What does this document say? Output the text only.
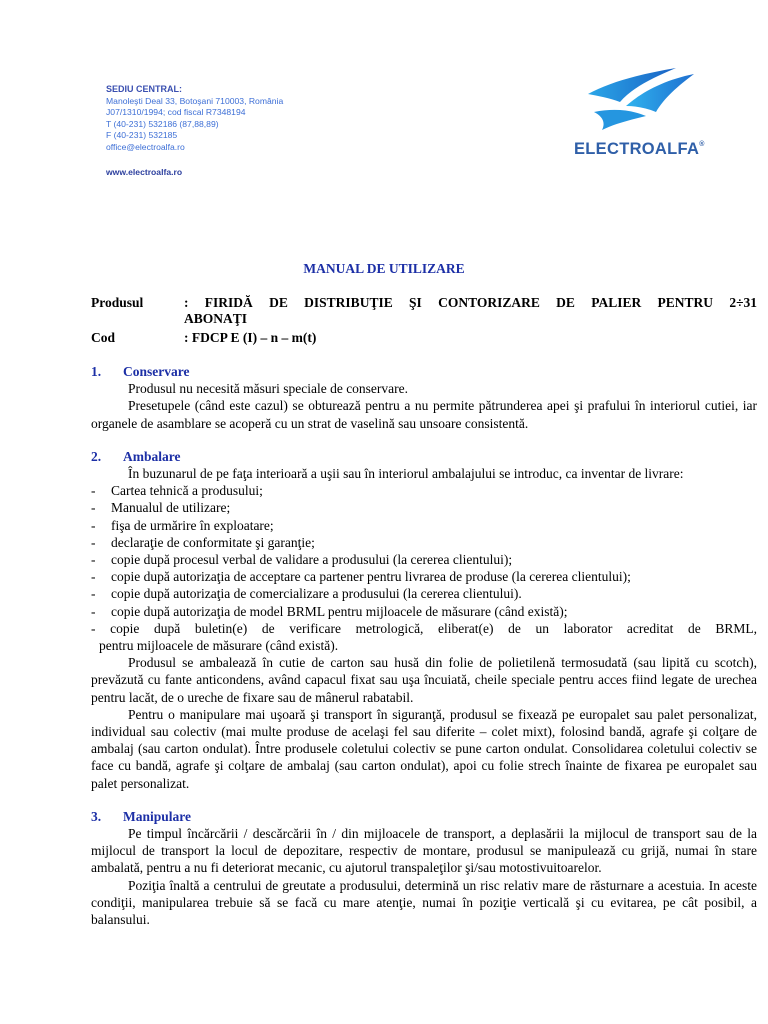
SEDIU CENTRAL:
Manoleşti Deal 33, Botoşani 710003, România
J07/1310/1994; cod fiscal R7348194
T (40-231) 532186 (87,88,89)
F (40-231) 532185
office@electroalfa.ro
www.electroalfa.ro
ELECTROALFA®
MANUAL DE UTILIZARE
Produsul	: FIRIDĂ DE DISTRIBUŢIE ŞI CONTORIZARE DE PALIER PENTRU 2÷31
ABONAŢI
Cod	: FDCP E (I) – n – m(t)
1. Conservare

Produsul nu necesită măsuri speciale de conservare.

Presetupele (când este cazul) se obturează pentru a nu permite pătrunderea apei şi prafului în interiorul cutiei, iar organele de asamblare se acoperă cu un strat de vaselină sau unsoare consistentă.

2. Ambalare

În buzunarul de pe faţa interioară a uşii sau în interiorul ambalajului se introduc, ca inventar de livrare:

- Cartea tehnică a produsului;
- Manualul de utilizare;
- fişa de urmărire în exploatare;
- declaraţie de conformitate şi garanţie;
- copie după procesul verbal de validare a produsului (la cererea clientului);
- copie după autorizaţia de acceptare ca partener pentru livrarea de produse (la cererea clientului);
- copie după autorizaţia de comercializare a produsului (la cererea clientului).
- copie după autorizaţia de model BRML pentru mijloacele de măsurare (când există);
- copie după buletin(e) de verificare metrologică, eliberat(e) de un laborator acreditat de BRML,
pentru mijloacele de măsurare (când există).

Produsul se ambalează în cutie de carton sau husă din folie de polietilenă termosudată (sau lipită cu scotch), prevăzută cu fante anticondens, având capacul fixat sau uşa încuiată, cheile speciale pentru acces fiind legate de urechea pentru lacăt, de o ureche de fixare sau de mânerul rabatabil.

Pentru o manipulare mai uşoară şi transport în siguranţă, produsul se fixează pe europalet sau palet personalizat, individual sau colectiv (mai multe produse de acelaşi fel sau diferite – colet mixt), folosind bandă, agrafe şi colţare de ambalaj (sau carton ondulat). Între produsele coletului colectiv se pune carton ondulat. Consolidarea coletului colectiv se face cu bandă, agrafe şi colţare de ambalaj (sau carton ondulat), apoi cu folie strech înainte de fixarea pe europalet sau palet personalizat.

3. Manipulare

Pe timpul încărcării / descărcării în / din mijloacele de transport, a deplasării la mijlocul de transport sau de la mijlocul de transport la locul de depozitare, respectiv de montare, produsul se manipulează cu grijă, numai în stare ambalată, pentru a nu fi deteriorat mecanic, cu ajutorul transpaleţilor şi/sau motostivuitoarelor.

Poziţia înaltă a centrului de greutate a produsului, determină un risc relativ mare de răsturnare a acestuia. In aceste condiţii, manipularea trebuie să se facă cu mare atenţie, numai în poziţie verticală şi cu evitarea, pe cât posibil, a balansului.
